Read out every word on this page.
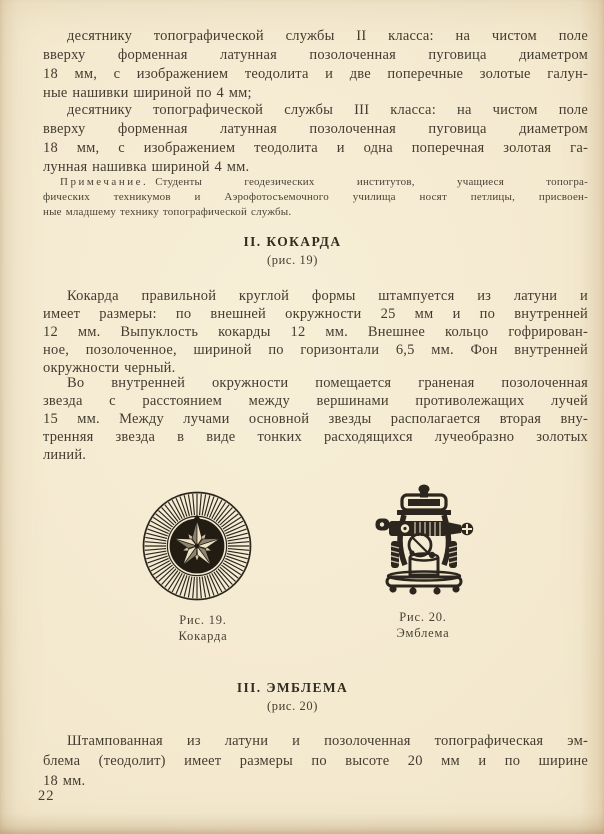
десятнику топографической службы II класса: на чистом поле
вверху форменная латунная позолоченная пуговица диаметром
18 мм, с изображением теодолита и две поперечные золотые галун-
ные нашивки шириной по 4 мм;
десятнику топографической службы III класса: на чистом поле
вверху форменная латунная позолоченная пуговица диаметром
18 мм, с изображением теодолита и одна поперечная золотая га-
лунная нашивка шириной 4 мм.
Примечание. Студенты геодезических институтов, учащиеся топогра-
фических техникумов и Аэрофотосъемочного училища носят петлицы, присвоен-
ные младшему технику топографической службы.
II. КОКАРДА
(рис. 19)
Кокарда правильной круглой формы штампуется из латуни и
имеет размеры: по внешней окружности 25 мм и по внутренней
12 мм. Выпуклость кокарды 12 мм. Внешнее кольцо гофрирован-
ное, позолоченное, шириной по горизонтали 6,5 мм. Фон внутренней
окружности черный.
Во внутренней окружности помещается граненая позолоченная
звезда с расстоянием между вершинами противолежащих лучей
15 мм. Между лучами основной звезды располагается вторая вну-
тренняя звезда в виде тонких расходящихся лучеобразно золотых
линий.
Рис. 19.
Кокарда
Рис. 20.
Эмблема
III. ЭМБЛЕМА
(рис. 20)
Штампованная из латуни и позолоченная топографическая эм-
блема (теодолит) имеет размеры по высоте 20 мм и по ширине
18 мм.
22
